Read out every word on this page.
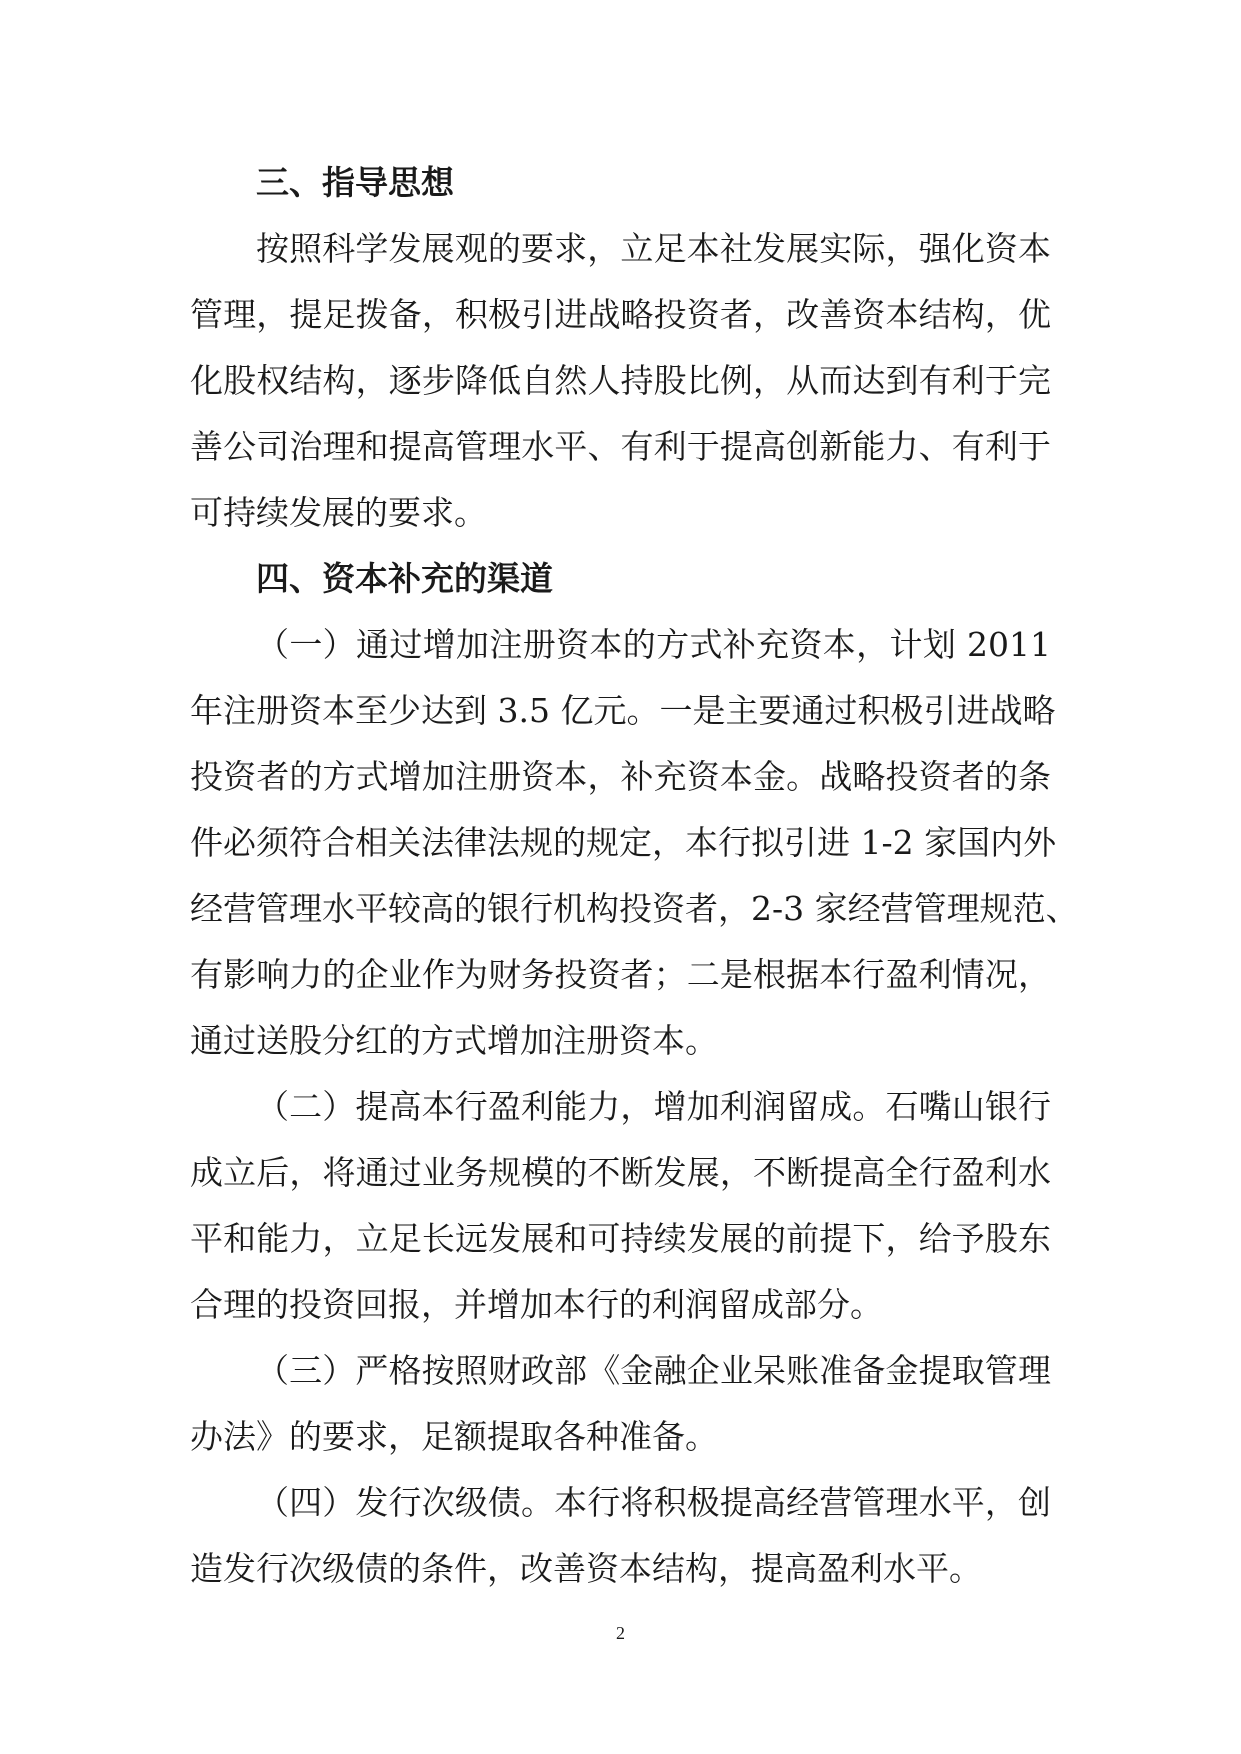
三、指导思想
按照科学发展观的要求，立足本社发展实际，强化资本
管理，提足拨备，积极引进战略投资者，改善资本结构，优
化股权结构，逐步降低自然人持股比例，从而达到有利于完
善公司治理和提高管理水平、有利于提高创新能力、有利于
可持续发展的要求。
四、资本补充的渠道
（一）通过增加注册资本的方式补充资本，计划 2011
年注册资本至少达到 3.5 亿元。一是主要通过积极引进战略
投资者的方式增加注册资本，补充资本金。战略投资者的条
件必须符合相关法律法规的规定，本行拟引进 1-2 家国内外
经营管理水平较高的银行机构投资者，2-3 家经营管理规范、
有影响力的企业作为财务投资者；二是根据本行盈利情况，
通过送股分红的方式增加注册资本。
（二）提高本行盈利能力，增加利润留成。石嘴山银行
成立后，将通过业务规模的不断发展，不断提高全行盈利水
平和能力，立足长远发展和可持续发展的前提下，给予股东
合理的投资回报，并增加本行的利润留成部分。
（三）严格按照财政部《金融企业呆账准备金提取管理
办法》的要求，足额提取各种准备。
（四）发行次级债。本行将积极提高经营管理水平，创
造发行次级债的条件，改善资本结构，提高盈利水平。
2
